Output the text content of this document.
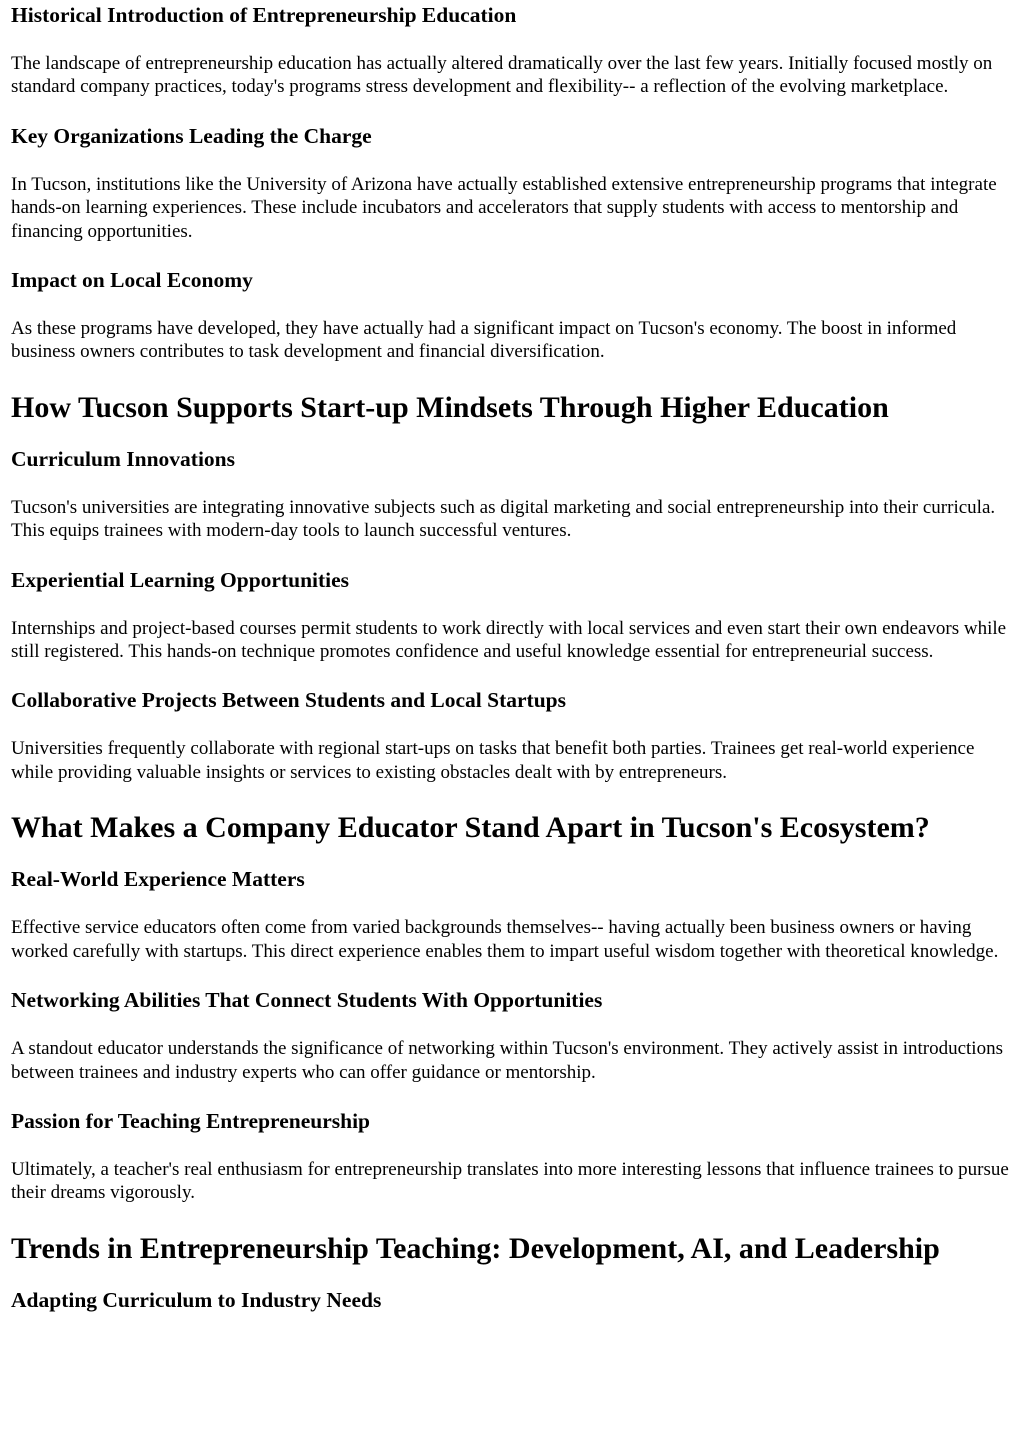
Historical Introduction of Entrepreneurship Education

The landscape of entrepreneurship education has actually altered dramatically over the last few years. Initially focused mostly on standard company practices, today's programs stress development and flexibility-- a reflection of the evolving marketplace.

Key Organizations Leading the Charge

In Tucson, institutions like the University of Arizona have actually established extensive entrepreneurship programs that integrate hands-on learning experiences. These include incubators and accelerators that supply students with access to mentorship and financing opportunities.

Impact on Local Economy

As these programs have developed, they have actually had a significant impact on Tucson's economy. The boost in informed business owners contributes to task development and financial diversification.

How Tucson Supports Start-up Mindsets Through Higher Education
Curriculum Innovations

Tucson's universities are integrating innovative subjects such as digital marketing and social entrepreneurship into their curricula. This equips trainees with modern-day tools to launch successful ventures.

Experiential Learning Opportunities

Internships and project-based courses permit students to work directly with local services and even start their own endeavors while still registered. This hands-on technique promotes confidence and useful knowledge essential for entrepreneurial success.

Collaborative Projects Between Students and Local Startups

Universities frequently collaborate with regional start-ups on tasks that benefit both parties. Trainees get real-world experience while providing valuable insights or services to existing obstacles dealt with by entrepreneurs.

What Makes a Company Educator Stand Apart in Tucson's Ecosystem?
Real-World Experience Matters

Effective service educators often come from varied backgrounds themselves-- having actually been business owners or having worked carefully with startups. This direct experience enables them to impart useful wisdom together with theoretical knowledge.

Networking Abilities That Connect Students With Opportunities

A standout educator understands the significance of networking within Tucson's environment. They actively assist in introductions between trainees and industry experts who can offer guidance or mentorship.

Passion for Teaching Entrepreneurship

Ultimately, a teacher's real enthusiasm for entrepreneurship translates into more interesting lessons that influence trainees to pursue their dreams vigorously.

Trends in Entrepreneurship Teaching: Development, AI, and Leadership
Adapting Curriculum to Industry Needs
